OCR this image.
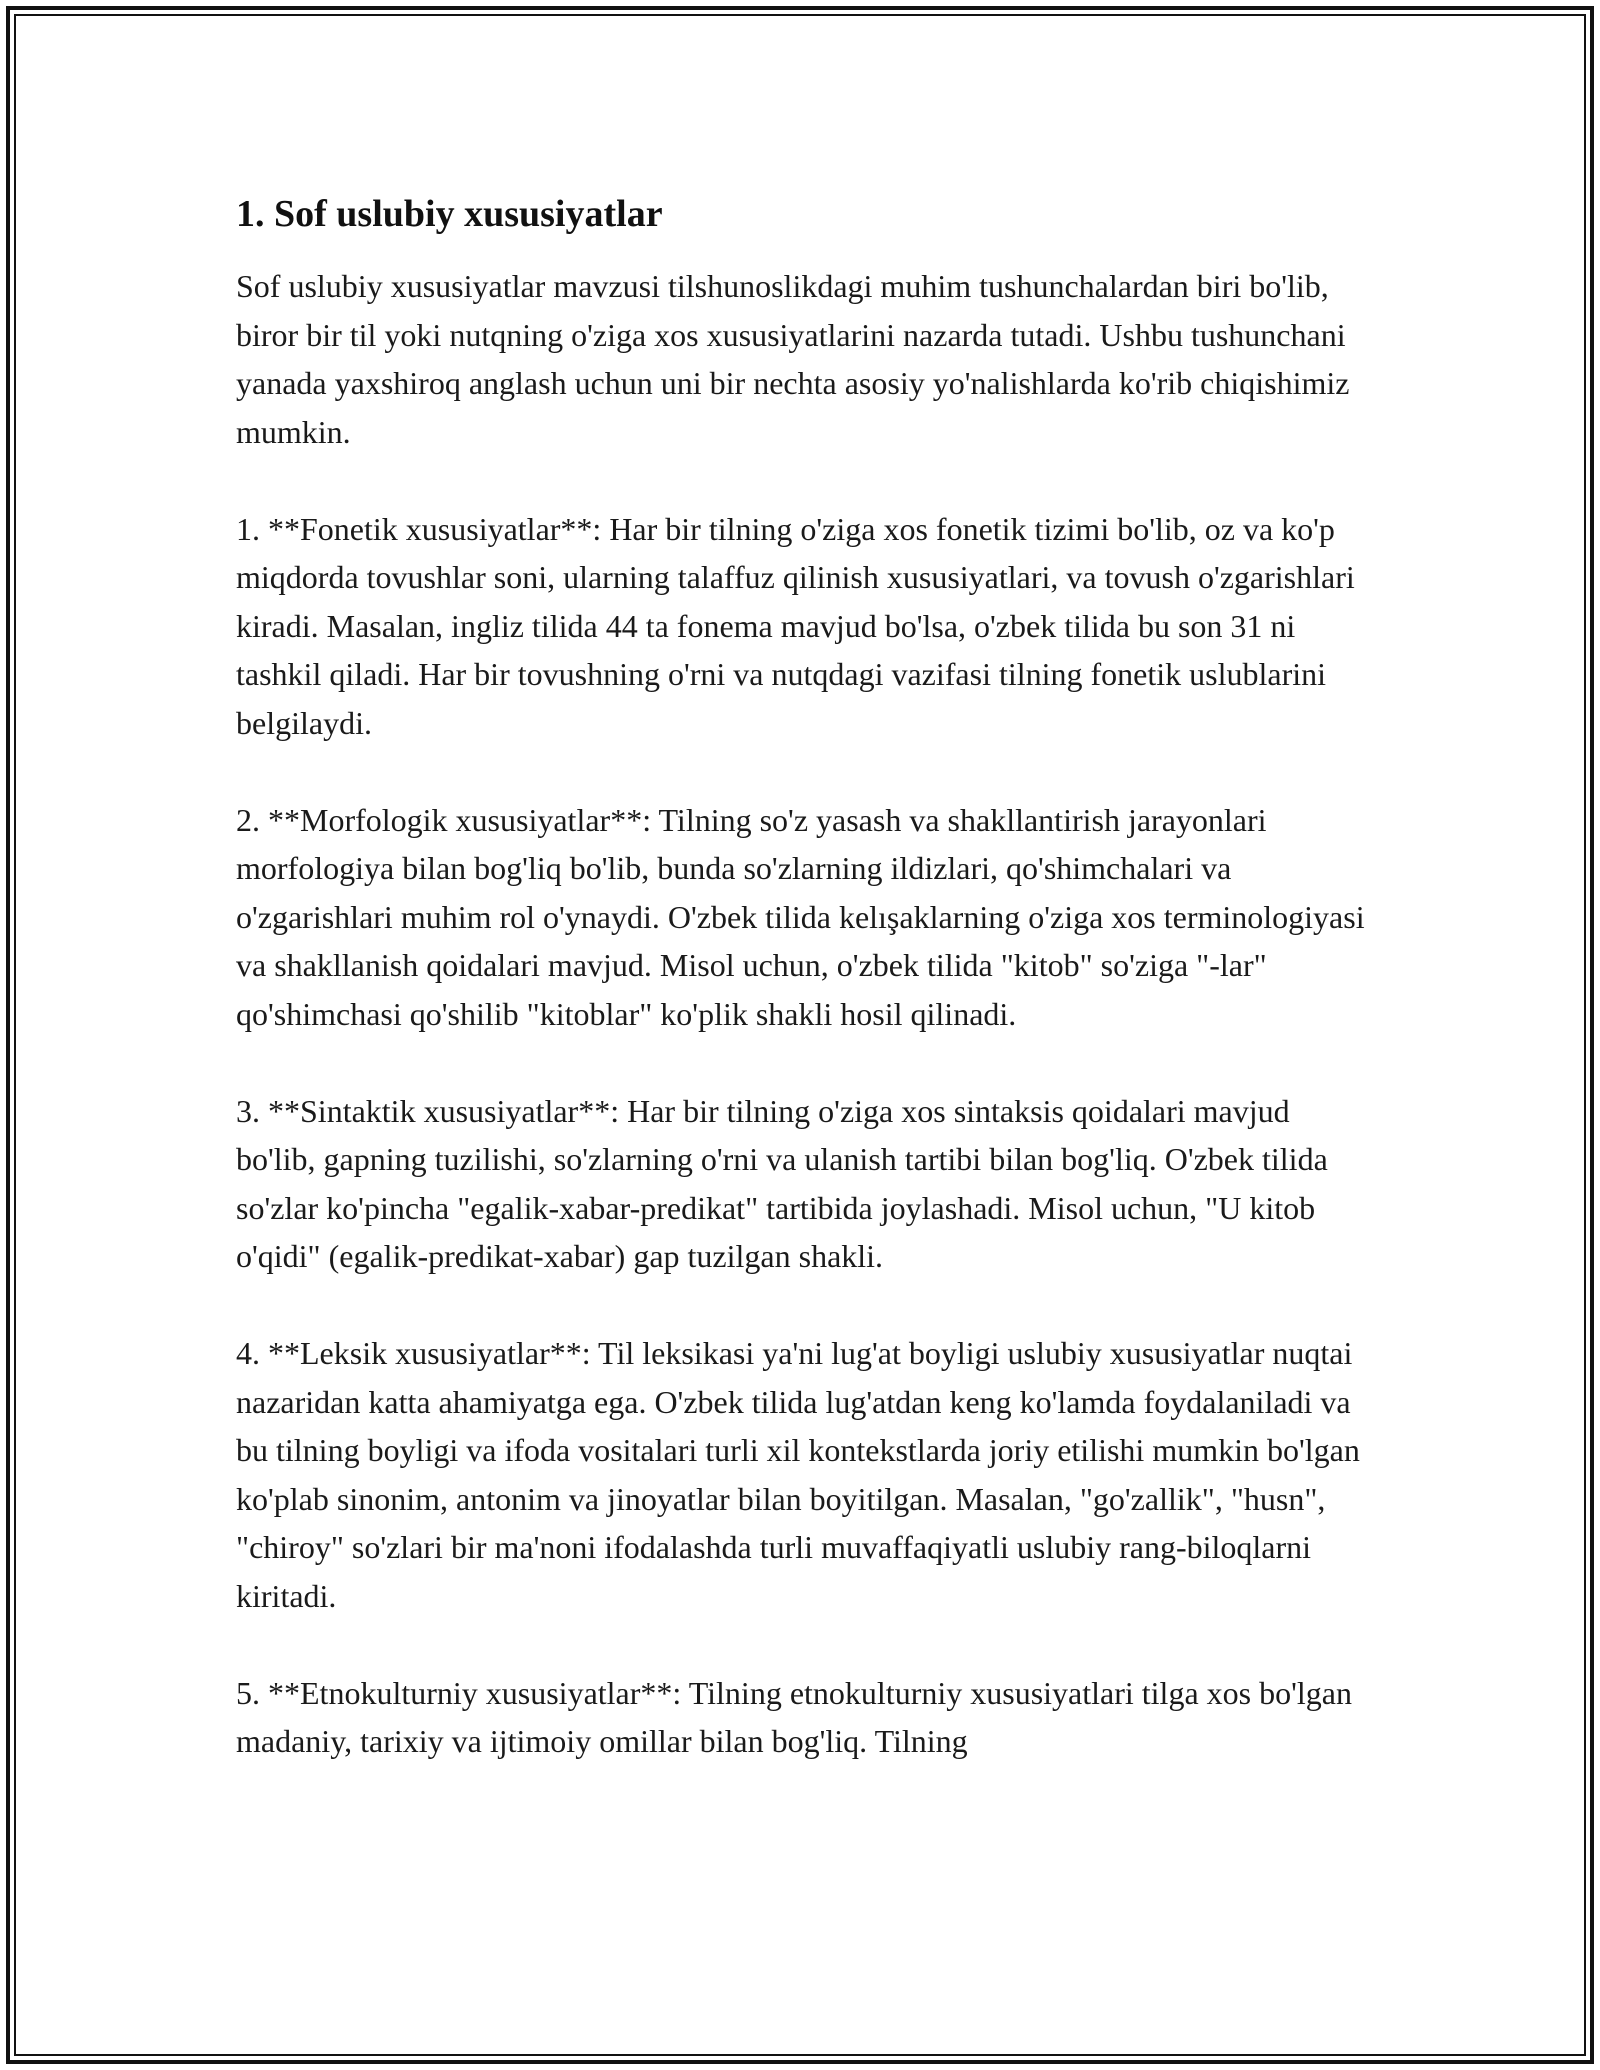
1. Sof uslubiy xususiyatlar

Sof uslubiy xususiyatlar mavzusi tilshunoslikdagi muhim tushunchalardan biri bo'lib, biror bir til yoki nutqning o'ziga xos xususiyatlarini nazarda tutadi. Ushbu tushunchani yanada yaxshiroq anglash uchun uni bir nechta asosiy yo'nalishlarda ko'rib chiqishimiz mumkin.

1. **Fonetik xususiyatlar**: Har bir tilning o'ziga xos fonetik tizimi bo'lib, oz va ko'p miqdorda tovushlar soni, ularning talaffuz qilinish xususiyatlari, va tovush o'zgarishlari kiradi. Masalan, ingliz tilida 44 ta fonema mavjud bo'lsa, o'zbek tilida bu son 31 ni tashkil qiladi. Har bir tovushning o'rni va nutqdagi vazifasi tilning fonetik uslublarini belgilaydi.

2. **Morfologik xususiyatlar**: Tilning so'z yasash va shakllantirish jarayonlari morfologiya bilan bog'liq bo'lib, bunda so'zlarning ildizlari, qo'shimchalari va o'zgarishlari muhim rol o'ynaydi. O'zbek tilida kelışaklarning o'ziga xos terminologiyasi va shakllanish qoidalari mavjud. Misol uchun, o'zbek tilida "kitob" so'ziga "-lar" qo'shimchasi qo'shilib "kitoblar" ko'plik shakli hosil qilinadi.

3. **Sintaktik xususiyatlar**: Har bir tilning o'ziga xos sintaksis qoidalari mavjud bo'lib, gapning tuzilishi, so'zlarning o'rni va ulanish tartibi bilan bog'liq. O'zbek tilida so'zlar ko'pincha "egalik-xabar-predikat" tartibida joylashadi. Misol uchun, "U kitob o'qidi" (egalik-predikat-xabar) gap tuzilgan shakli.

4. **Leksik xususiyatlar**: Til leksikasi ya'ni lug'at boyligi uslubiy xususiyatlar nuqtai nazaridan katta ahamiyatga ega. O'zbek tilida lug'atdan keng ko'lamda foydalaniladi va bu tilning boyligi va ifoda vositalari turli xil kontekstlarda joriy etilishi mumkin bo'lgan ko'plab sinonim, antonim va jinoyatlar bilan boyitilgan. Masalan, "go'zallik", "husn", "chiroy" so'zlari bir ma'noni ifodalashda turli muvaffaqiyatli uslubiy rang-biloqlarni kiritadi.

5. **Etnokulturniy xususiyatlar**: Tilning etnokulturniy xususiyatlari tilga xos bo'lgan madaniy, tarixiy va ijtimoiy omillar bilan bog'liq. Tilning
